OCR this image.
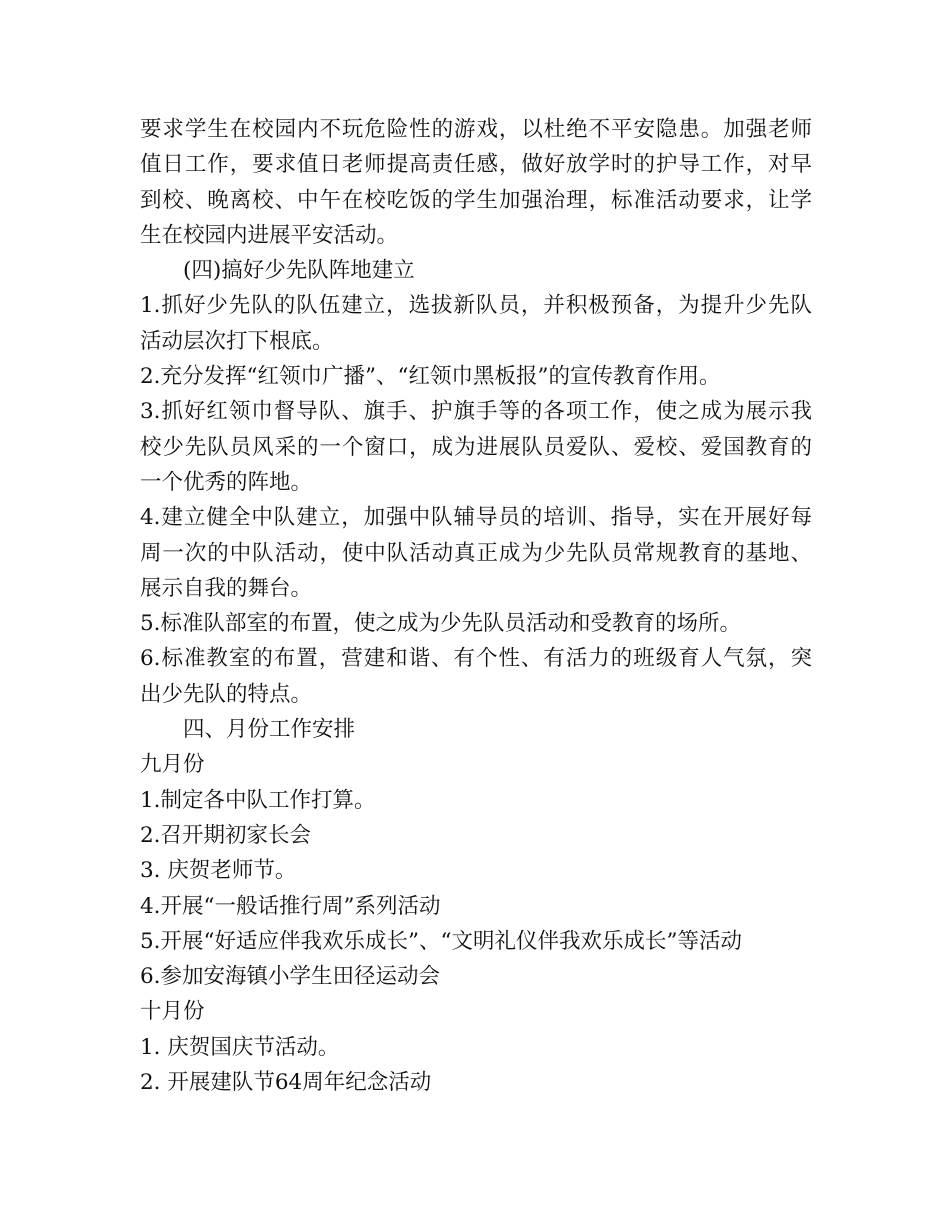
要求学生在校园内不玩危险性的游戏，以杜绝不平安隐患。加强老师
值日工作，要求值日老师提高责任感，做好放学时的护导工作，对早
到校、晚离校、中午在校吃饭的学生加强治理，标准活动要求，让学
生在校园内进展平安活动。
(四)搞好少先队阵地建立
1.抓好少先队的队伍建立，选拔新队员，并积极预备，为提升少先队
活动层次打下根底。
2.充分发挥“红领巾广播”、“红领巾黑板报”的宣传教育作用。
3.抓好红领巾督导队、旗手、护旗手等的各项工作，使之成为展示我
校少先队员风采的一个窗口，成为进展队员爱队、爱校、爱国教育的
一个优秀的阵地。
4.建立健全中队建立，加强中队辅导员的培训、指导，实在开展好每
周一次的中队活动，使中队活动真正成为少先队员常规教育的基地、
展示自我的舞台。
5.标准队部室的布置，使之成为少先队员活动和受教育的场所。
6.标准教室的布置，营建和谐、有个性、有活力的班级育人气氛，突
出少先队的特点。
四、月份工作安排
九月份
1.制定各中队工作打算。
2.召开期初家长会
3. 庆贺老师节。
4.开展“一般话推行周”系列活动
5.开展“好适应伴我欢乐成长”、“文明礼仪伴我欢乐成长”等活动
6.参加安海镇小学生田径运动会
十月份
1. 庆贺国庆节活动。
2. 开展建队节64周年纪念活动
